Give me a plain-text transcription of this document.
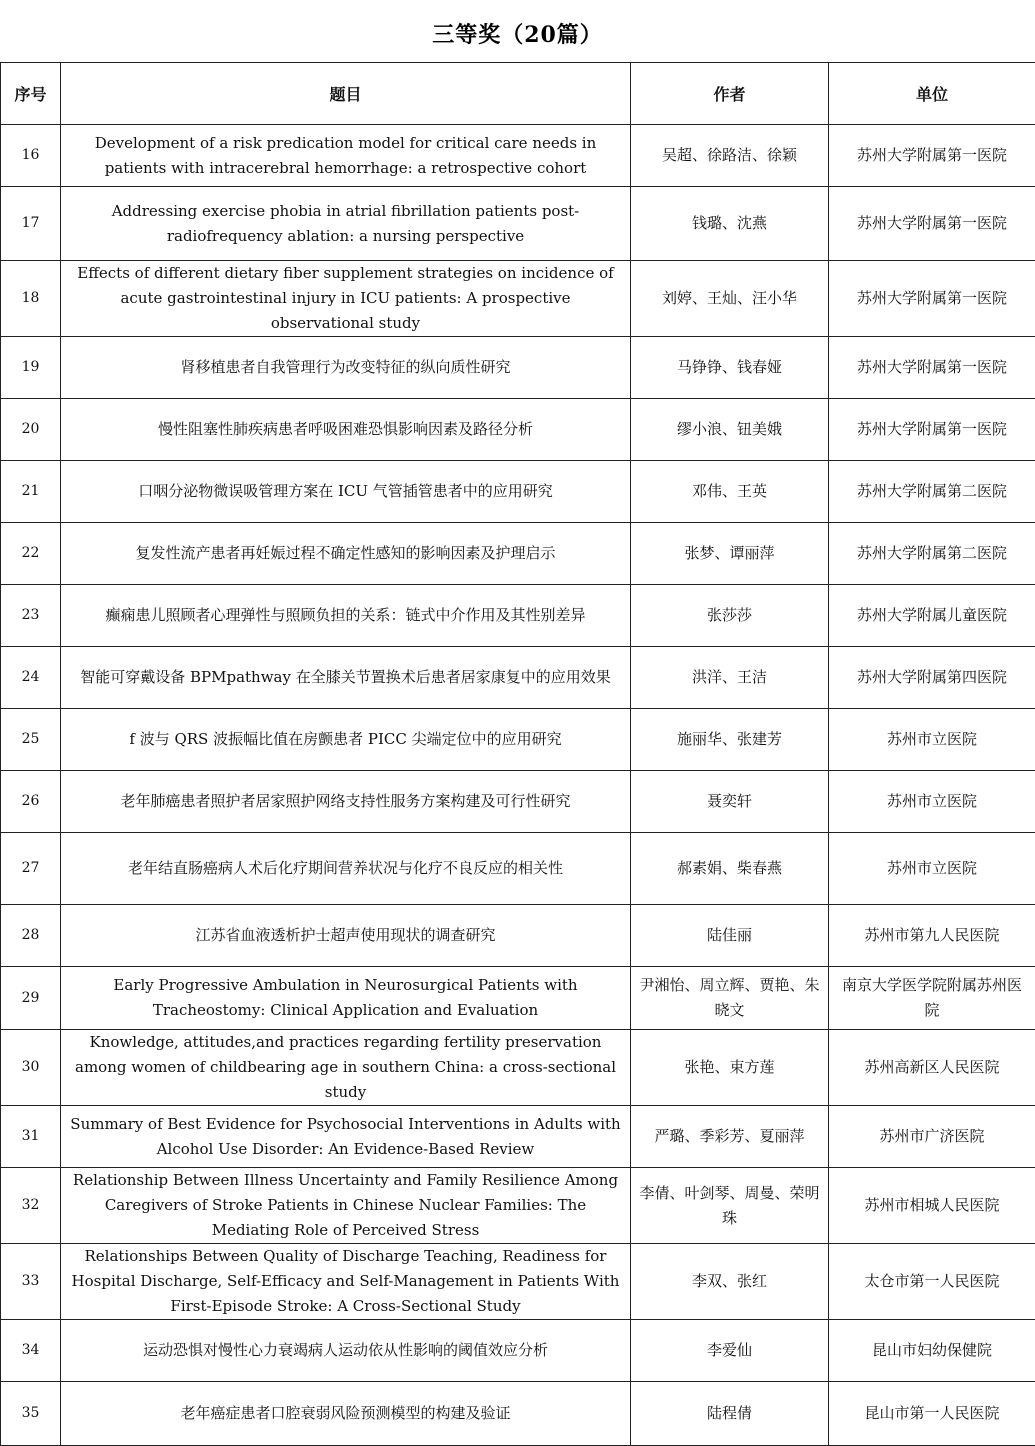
三等奖（20篇）
序号	题目	作者	单位
16	Development of a risk predication model for critical care needs in patients with intracerebral hemorrhage: a retrospective cohort	吴超、徐路洁、徐颖	苏州大学附属第一医院
17	Addressing exercise phobia in atrial fibrillation patients post-radiofrequency ablation: a nursing perspective	钱璐、沈燕	苏州大学附属第一医院
18	Effects of different dietary fiber supplement strategies on incidence of acute gastrointestinal injury in ICU patients: A prospective observational study	刘婷、王灿、汪小华	苏州大学附属第一医院
19	肾移植患者自我管理行为改变特征的纵向质性研究	马铮铮、钱春娅	苏州大学附属第一医院
20	慢性阻塞性肺疾病患者呼吸困难恐惧影响因素及路径分析	缪小浪、钮美娥	苏州大学附属第一医院
21	口咽分泌物微误吸管理方案在 ICU 气管插管患者中的应用研究	邓伟、王英	苏州大学附属第二医院
22	复发性流产患者再妊娠过程不确定性感知的影响因素及护理启示	张梦、谭丽萍	苏州大学附属第二医院
23	癫痫患儿照顾者心理弹性与照顾负担的关系：链式中介作用及其性别差异	张莎莎	苏州大学附属儿童医院
24	智能可穿戴设备 BPMpathway 在全膝关节置换术后患者居家康复中的应用效果	洪洋、王洁	苏州大学附属第四医院
25	f 波与 QRS 波振幅比值在房颤患者 PICC 尖端定位中的应用研究	施丽华、张建芳	苏州市立医院
26	老年肺癌患者照护者居家照护网络支持性服务方案构建及可行性研究	聂奕轩	苏州市立医院
27	老年结直肠癌病人术后化疗期间营养状况与化疗不良反应的相关性	郝素娟、柴春燕	苏州市立医院
28	江苏省血液透析护士超声使用现状的调查研究	陆佳丽	苏州市第九人民医院
29	Early Progressive Ambulation in Neurosurgical Patients with Tracheostomy: Clinical Application and Evaluation	尹湘怡、周立辉、贾艳、朱晓文	南京大学医学院附属苏州医院
30	Knowledge, attitudes,and practices regarding fertility preservation among women of childbearing age in southern China: a cross-sectional study	张艳、束方莲	苏州高新区人民医院
31	Summary of Best Evidence for Psychosocial Interventions in Adults with Alcohol Use Disorder: An Evidence-Based Review	严璐、季彩芳、夏丽萍	苏州市广济医院
32	Relationship Between Illness Uncertainty and Family Resilience Among Caregivers of Stroke Patients in Chinese Nuclear Families: The Mediating Role of Perceived Stress	李倩、叶剑琴、周曼、荣明珠	苏州市相城人民医院
33	Relationships Between Quality of Discharge Teaching, Readiness for Hospital Discharge, Self-Efficacy and Self-Management in Patients With First-Episode Stroke: A Cross-Sectional Study	李双、张红	太仓市第一人民医院
34	运动恐惧对慢性心力衰竭病人运动依从性影响的阈值效应分析	李爱仙	昆山市妇幼保健院
35	老年癌症患者口腔衰弱风险预测模型的构建及验证	陆程倩	昆山市第一人民医院
